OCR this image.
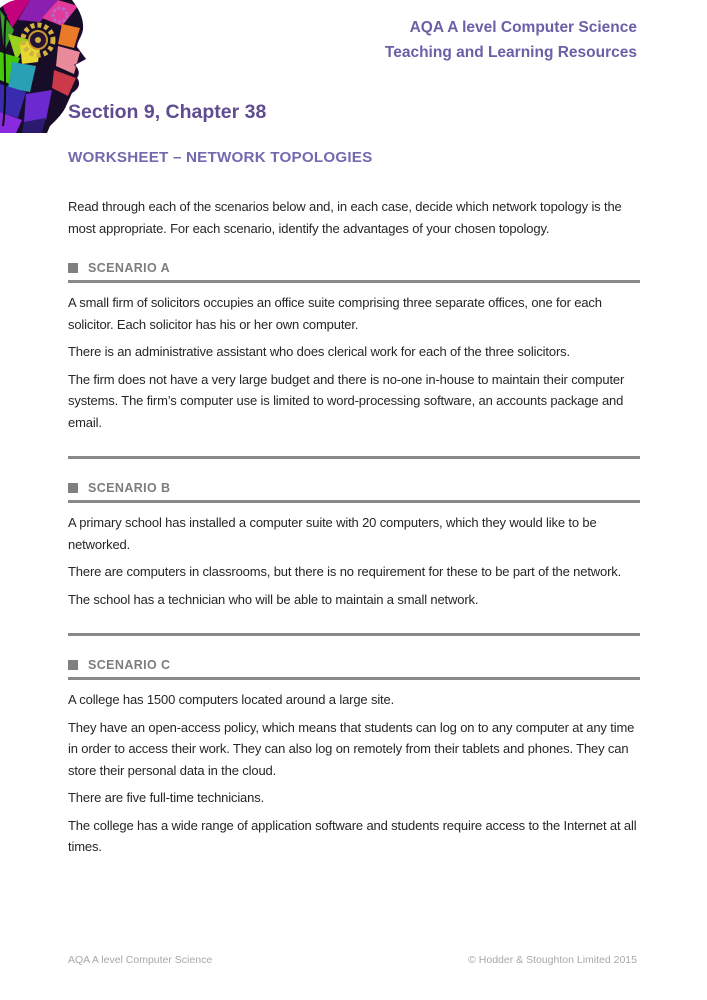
AQA A level Computer Science
Teaching and Learning Resources
Section 9, Chapter 38
WORKSHEET – NETWORK TOPOLOGIES

Read through each of the scenarios below and, in each case, decide which network topology is the most appropriate. For each scenario, identify the advantages of your chosen topology.

SCENARIO A

A small firm of solicitors occupies an office suite comprising three separate offices, one for each solicitor. Each solicitor has his or her own computer.

There is an administrative assistant who does clerical work for each of the three solicitors.

The firm does not have a very large budget and there is no-one in-house to maintain their computer systems. The firm’s computer use is limited to word-processing software, an accounts package and email.

SCENARIO B

A primary school has installed a computer suite with 20 computers, which they would like to be networked.

There are computers in classrooms, but there is no requirement for these to be part of the network.

The school has a technician who will be able to maintain a small network.

SCENARIO C

A college has 1500 computers located around a large site.

They have an open-access policy, which means that students can log on to any computer at any time in order to access their work. They can also log on remotely from their tablets and phones. They can store their personal data in the cloud.

There are five full-time technicians.

The college has a wide range of application software and students require access to the Internet at all times.

AQA A level Computer Science	© Hodder & Stoughton Limited 2015
